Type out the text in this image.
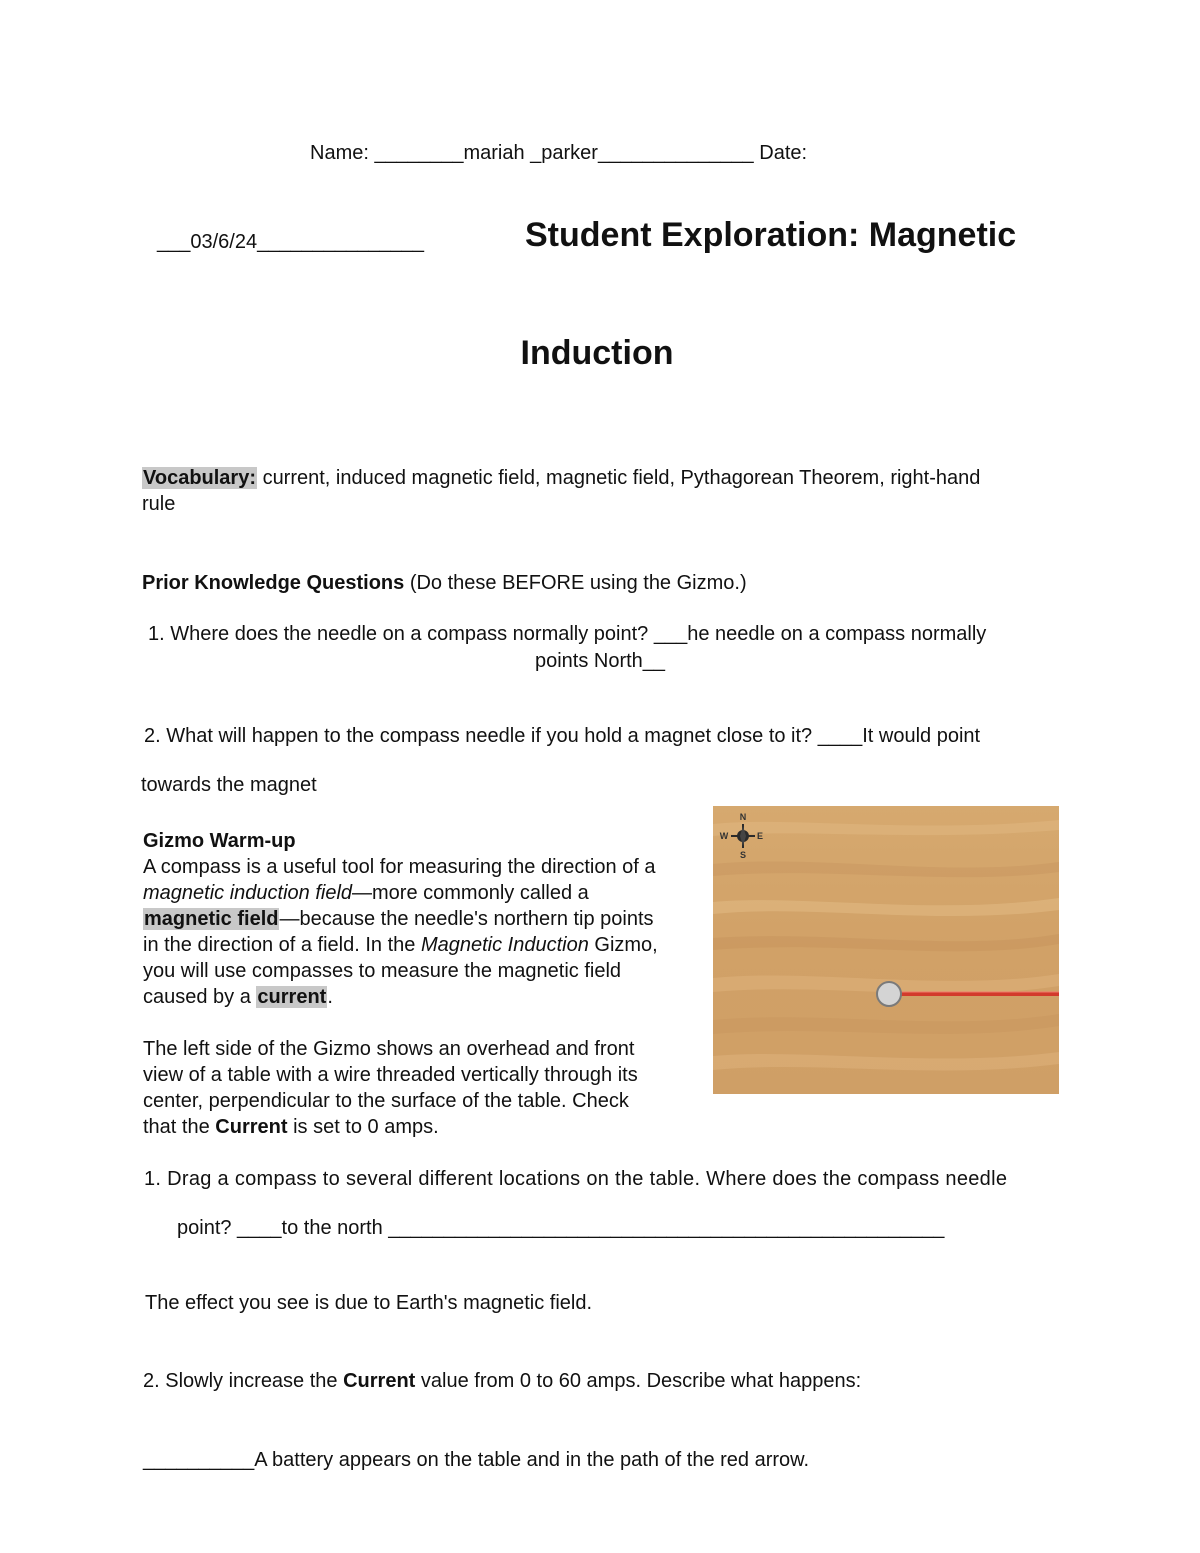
Name: ________mariah _parker______________ Date:
___03/6/24_______________	Student Exploration: Magnetic
Induction
Vocabulary: current, induced magnetic field, magnetic field, Pythagorean Theorem, right-hand
rule
Prior Knowledge Questions (Do these BEFORE using the Gizmo.)
1. Where does the needle on a compass normally point? ___he needle on a compass normally
points North__
2. What will happen to the compass needle if you hold a magnet close to it? ____It would point
towards the magnet

Gizmo Warm-up

A compass is a useful tool for measuring the direction of a magnetic induction field—more commonly called a magnetic field—because the needle's northern tip points in the direction of a field. In the Magnetic Induction Gizmo, you will use compasses to measure the magnetic field caused by a current.

The left side of the Gizmo shows an overhead and front view of a table with a wire threaded vertically through its center, perpendicular to the surface of the table. Check that the Current is set to 0 amps.

N
S
E
W
1. Drag a compass to several different locations on the table. Where does the compass needle
point? ____to the north __________________________________________________
The effect you see is due to Earth's magnetic field.
2. Slowly increase the Current value from 0 to 60 amps. Describe what happens:
__________A battery appears on the table and in the path of the red arrow.
